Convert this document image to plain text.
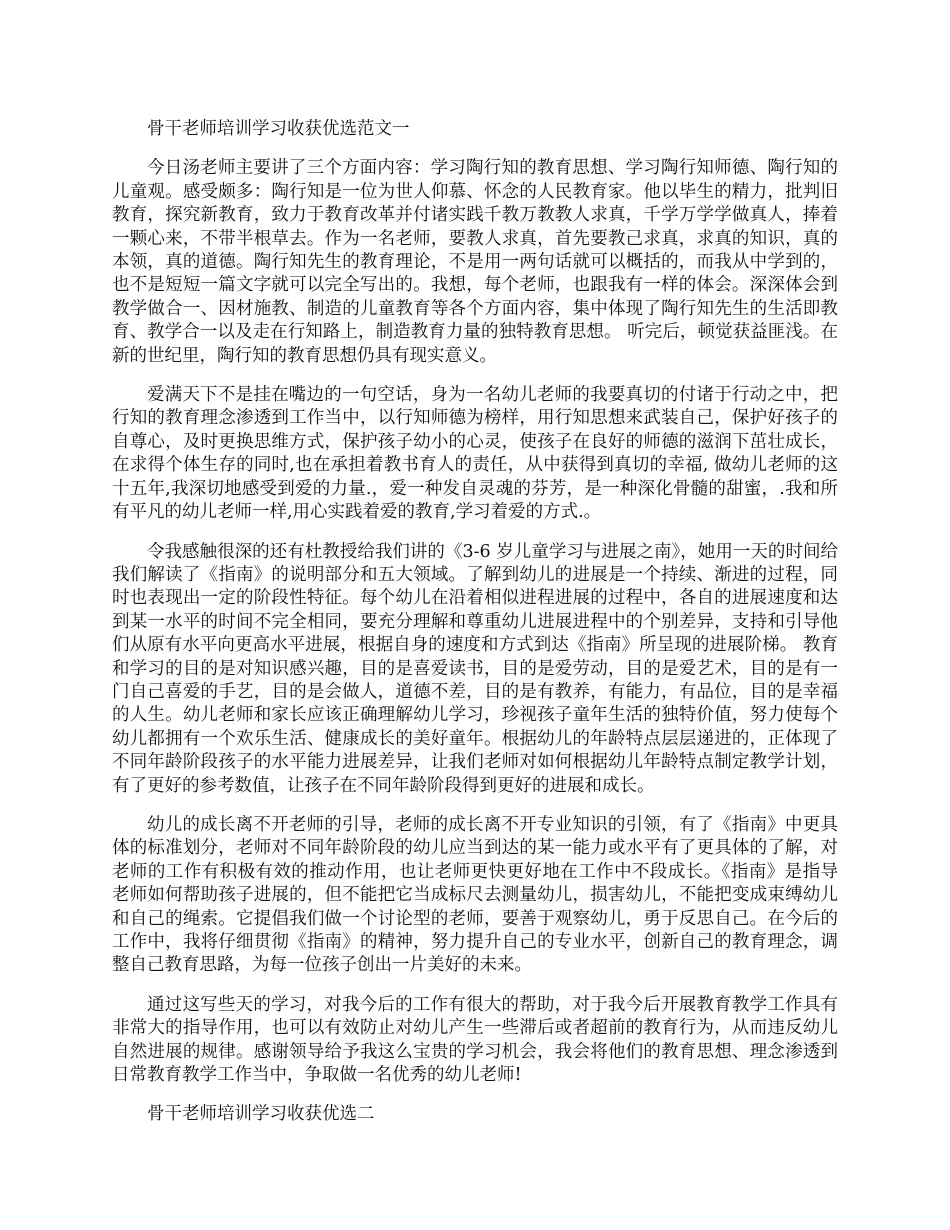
骨干老师培训学习收获优选范文一

今日汤老师主要讲了三个方面内容：学习陶行知的教育思想、学习陶行知师德、陶行知的儿童观。感受颇多：陶行知是一位为世人仰慕、怀念的人民教育家。他以毕生的精力，批判旧教育，探究新教育，致力于教育改革并付诸实践千教万教教人求真，千学万学学做真人，捧着一颗心来，不带半根草去。作为一名老师，要教人求真，首先要教己求真，求真的知识，真的本领，真的道德。陶行知先生的教育理论，不是用一两句话就可以概括的，而我从中学到的，也不是短短一篇文字就可以完全写出的。我想，每个老师，也跟我有一样的体会。深深体会到教学做合一、因材施教、制造的儿童教育等各个方面内容，集中体现了陶行知先生的生活即教育、教学合一以及走在行知路上，制造教育力量的独特教育思想。 听完后，顿觉获益匪浅。在新的世纪里，陶行知的教育思想仍具有现实意义。

爱满天下不是挂在嘴边的一句空话，身为一名幼儿老师的我要真切的付诸于行动之中，把行知的教育理念渗透到工作当中，以行知师德为榜样，用行知思想来武装自己，保护好孩子的自尊心，及时更换思维方式，保护孩子幼小的心灵，使孩子在良好的师德的滋润下茁壮成长，在求得个体生存的同时,也在承担着教书育人的责任，从中获得到真切的幸福, 做幼儿老师的这十五年,我深切地感受到爱的力量.，爱一种发自灵魂的芬芳，是一种深化骨髓的甜蜜，.我和所有平凡的幼儿老师一样,用心实践着爱的教育,学习着爱的方式.。

令我感触很深的还有杜教授给我们讲的《3-6 岁儿童学习与进展之南》，她用一天的时间给我们解读了《指南》的说明部分和五大领域。了解到幼儿的进展是一个持续、渐进的过程，同时也表现出一定的阶段性特征。每个幼儿在沿着相似进程进展的过程中，各自的进展速度和达到某一水平的时间不完全相同，要充分理解和尊重幼儿进展进程中的个别差异，支持和引导他们从原有水平向更高水平进展，根据自身的速度和方式到达《指南》所呈现的进展阶梯。 教育和学习的目的是对知识感兴趣，目的是喜爱读书，目的是爱劳动，目的是爱艺术，目的是有一门自己喜爱的手艺，目的是会做人，道德不差，目的是有教养，有能力，有品位，目的是幸福的人生。幼儿老师和家长应该正确理解幼儿学习，珍视孩子童年生活的独特价值，努力使每个幼儿都拥有一个欢乐生活、健康成长的美好童年。根据幼儿的年龄特点层层递进的，正体现了不同年龄阶段孩子的水平能力进展差异，让我们老师对如何根据幼儿年龄特点制定教学计划，有了更好的参考数值，让孩子在不同年龄阶段得到更好的进展和成长。

幼儿的成长离不开老师的引导，老师的成长离不开专业知识的引领，有了《指南》中更具体的标准划分，老师对不同年龄阶段的幼儿应当到达的某一能力或水平有了更具体的了解，对老师的工作有积极有效的推动作用，也让老师更快更好地在工作中不段成长。《指南》是指导老师如何帮助孩子进展的，但不能把它当成标尺去测量幼儿，损害幼儿，不能把变成束缚幼儿和自己的绳索。它提倡我们做一个讨论型的老师，要善于观察幼儿，勇于反思自己。在今后的工作中，我将仔细贯彻《指南》的精神，努力提升自己的专业水平，创新自己的教育理念，调整自己教育思路，为每一位孩子创出一片美好的未来。

通过这写些天的学习，对我今后的工作有很大的帮助，对于我今后开展教育教学工作具有非常大的指导作用，也可以有效防止对幼儿产生一些滞后或者超前的教育行为，从而违反幼儿自然进展的规律。感谢领导给予我这么宝贵的学习机会，我会将他们的教育思想、理念渗透到日常教育教学工作当中，争取做一名优秀的幼儿老师!

骨干老师培训学习收获优选二
